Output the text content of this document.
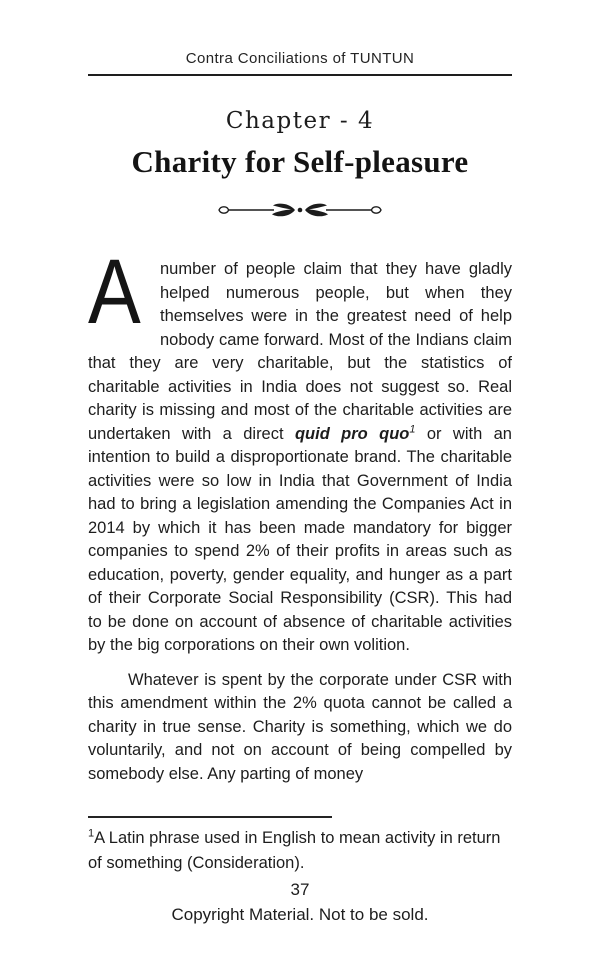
Contra Conciliations of TUNTUN
Chapter - 4
Charity for Self-pleasure

A number of people claim that they have gladly helped numerous people, but when they themselves were in the greatest need of help nobody came forward. Most of the Indians claim that they are very charitable, but the statistics of charitable activities in India does not suggest so. Real charity is missing and most of the charitable activities are undertaken with a direct quid pro quo$^1$ or with an intention to build a disproportionate brand. The charitable activities were so low in India that Government of India had to bring a legislation amending the Companies Act in 2014 by which it has been made mandatory for bigger companies to spend 2% of their profits in areas such as education, poverty, gender equality, and hunger as a part of their Corporate Social Responsibility (CSR). This had to be done on account of absence of charitable activities by the big corporations on their own volition.

Whatever is spent by the corporate under CSR with this amendment within the 2% quota cannot be called a charity in true sense. Charity is something, which we do voluntarily, and not on account of being compelled by somebody else. Any parting of money

$^1$A Latin phrase used in English to mean activity in return of something (Consideration).

37
Copyright Material. Not to be sold.
